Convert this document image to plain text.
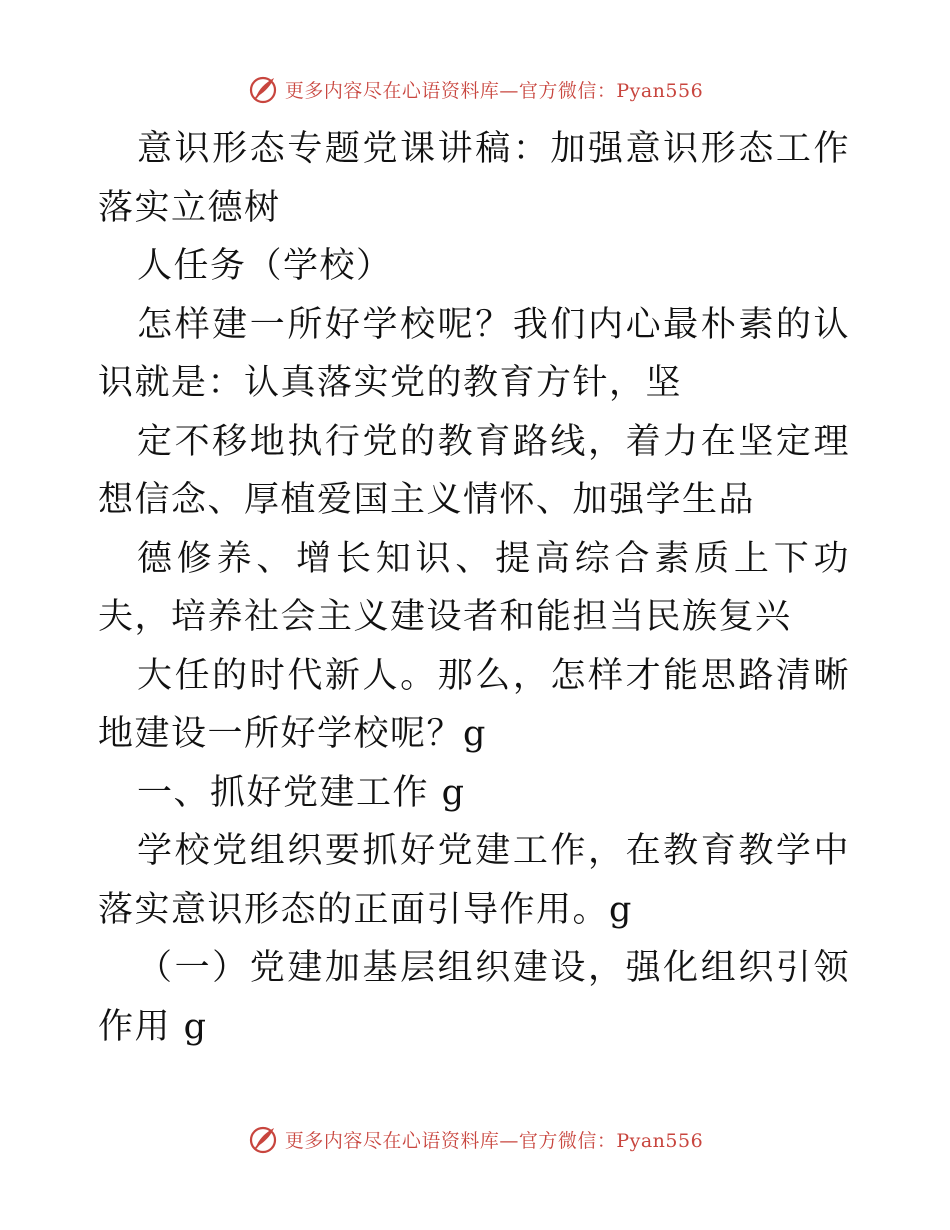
更多内容尽在心语资料库—官方微信：Pyan556

意识形态专题党课讲稿：加强意识形态工作落实立德树

人任务（学校）

怎样建一所好学校呢？我们内心最朴素的认识就是：认真落实党的教育方针，坚

定不移地执行党的教育路线，着力在坚定理想信念、厚植爱国主义情怀、加强学生品

德修养、增长知识、提高综合素质上下功夫，培养社会主义建设者和能担当民族复兴

大任的时代新人。那么，怎样才能思路清晰地建设一所好学校呢？g

一、抓好党建工作 g

学校党组织要抓好党建工作，在教育教学中落实意识形态的正面引导作用。g

（一）党建加基层组织建设，强化组织引领作用 g

更多内容尽在心语资料库—官方微信：Pyan556
